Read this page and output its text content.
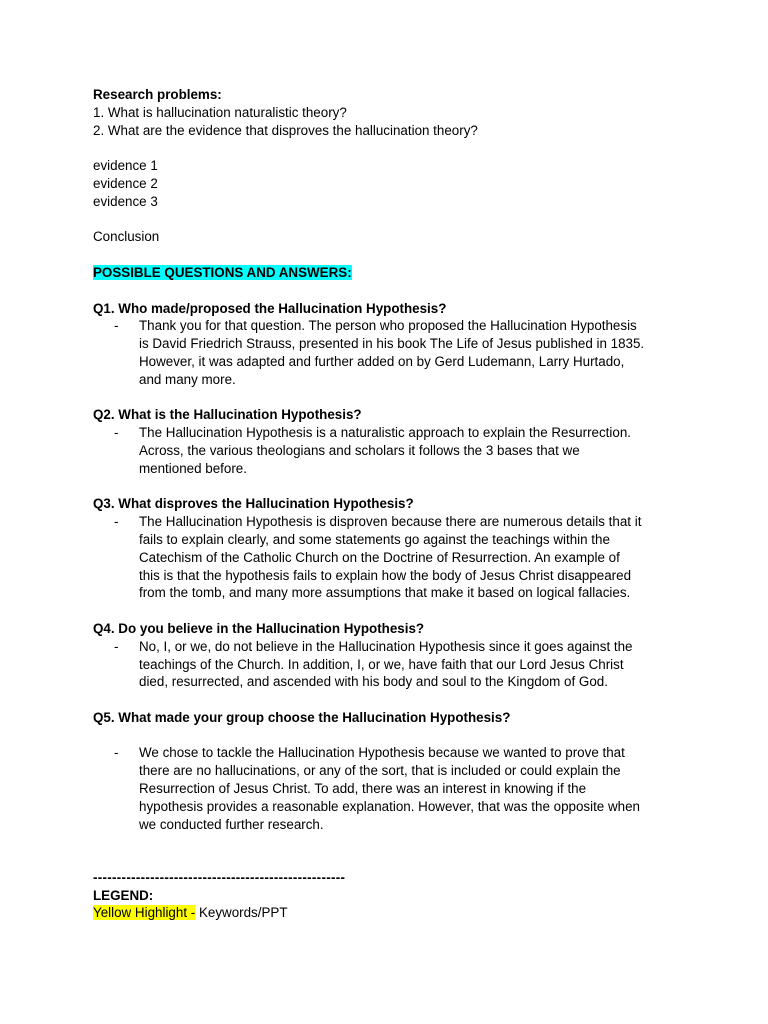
Research problems:
1. What is hallucination naturalistic theory?
2. What are the evidence that disproves the hallucination theory?
evidence 1
evidence 2
evidence 3
Conclusion
POSSIBLE QUESTIONS AND ANSWERS:
Q1. Who made/proposed the Hallucination Hypothesis?
- Thank you for that question. The person who proposed the Hallucination Hypothesis
is David Friedrich Strauss, presented in his book The Life of Jesus published in 1835.
However, it was adapted and further added on by Gerd Ludemann, Larry Hurtado,
and many more.
Q2. What is the Hallucination Hypothesis?
- The Hallucination Hypothesis is a naturalistic approach to explain the Resurrection.
Across, the various theologians and scholars it follows the 3 bases that we
mentioned before.
Q3. What disproves the Hallucination Hypothesis?
- The Hallucination Hypothesis is disproven because there are numerous details that it
fails to explain clearly, and some statements go against the teachings within the
Catechism of the Catholic Church on the Doctrine of Resurrection. An example of
this is that the hypothesis fails to explain how the body of Jesus Christ disappeared
from the tomb, and many more assumptions that make it based on logical fallacies.
Q4. Do you believe in the Hallucination Hypothesis?
- No, I, or we, do not believe in the Hallucination Hypothesis since it goes against the
teachings of the Church. In addition, I, or we, have faith that our Lord Jesus Christ
died, resurrected, and ascended with his body and soul to the Kingdom of God.
Q5. What made your group choose the Hallucination Hypothesis?
- We chose to tackle the Hallucination Hypothesis because we wanted to prove that
there are no hallucinations, or any of the sort, that is included or could explain the
Resurrection of Jesus Christ. To add, there was an interest in knowing if the
hypothesis provides a reasonable explanation. However, that was the opposite when
we conducted further research.
-----------------------------------------------------
LEGEND:
Yellow Highlight - Keywords/PPT
